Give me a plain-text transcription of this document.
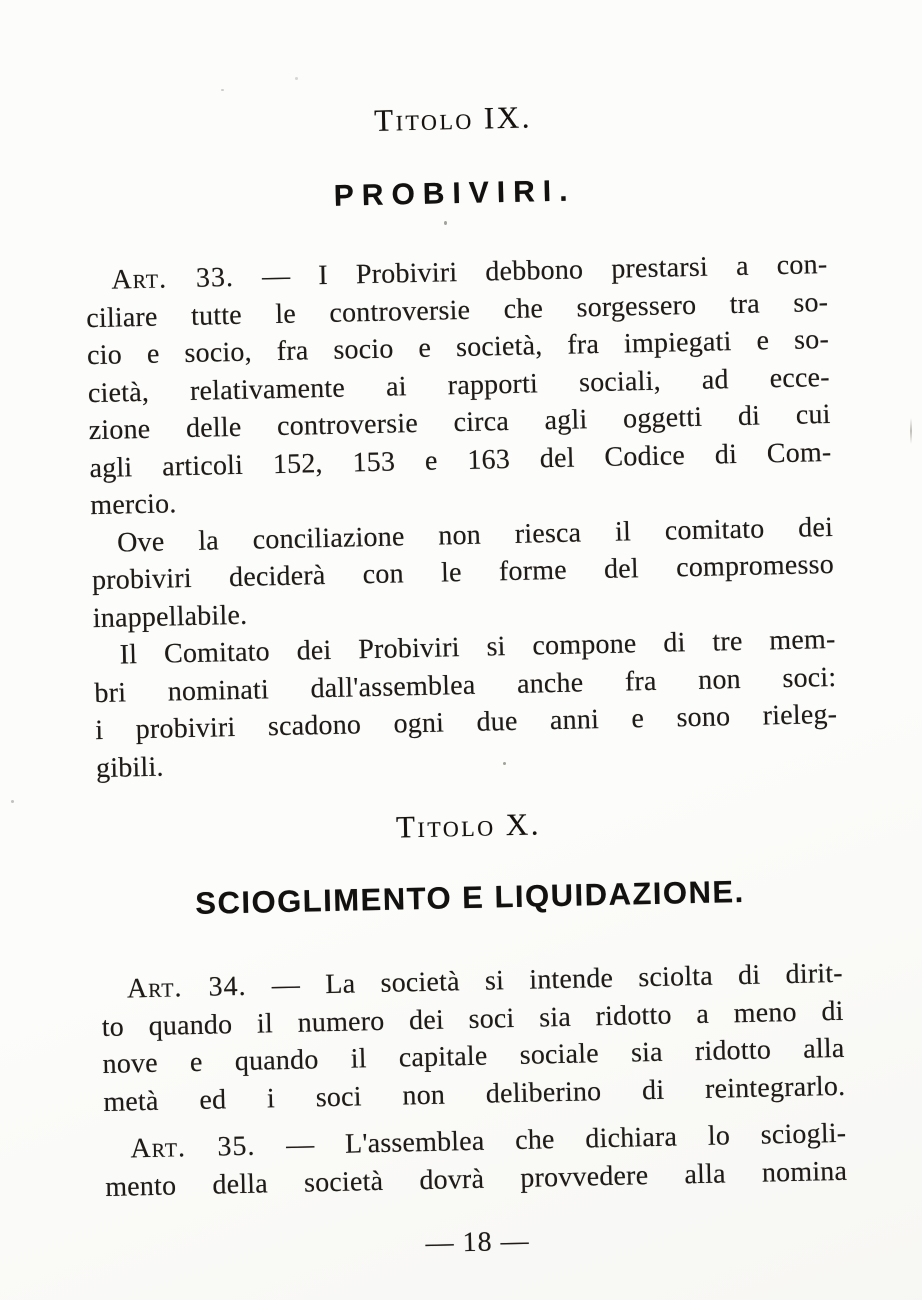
Titolo IX.
PROBIVIRI.
Art. 33. — I Probiviri debbono prestarsi a con-
ciliare tutte le controversie che sorgessero tra so-
cio e socio, fra socio e società, fra impiegati e so-
cietà, relativamente ai rapporti sociali, ad ecce-
zione delle controversie circa agli oggetti di cui
agli articoli 152, 153 e 163 del Codice di Com-
mercio.
Ove la conciliazione non riesca il comitato dei
probiviri deciderà con le forme del compromesso
inappellabile.
Il Comitato dei Probiviri si compone di tre mem-
bri nominati dall'assemblea anche fra non soci:
i probiviri scadono ogni due anni e sono rieleg-
gibili.
Titolo X.
SCIOGLIMENTO E LIQUIDAZIONE.
Art. 34. — La società si intende sciolta di dirit-
to quando il numero dei soci sia ridotto a meno di
nove e quando il capitale sociale sia ridotto alla
metà ed i soci non deliberino di reintegrarlo.
Art. 35. — L'assemblea che dichiara lo sciogli-
mento della società dovrà provvedere alla nomina
— 18 —
